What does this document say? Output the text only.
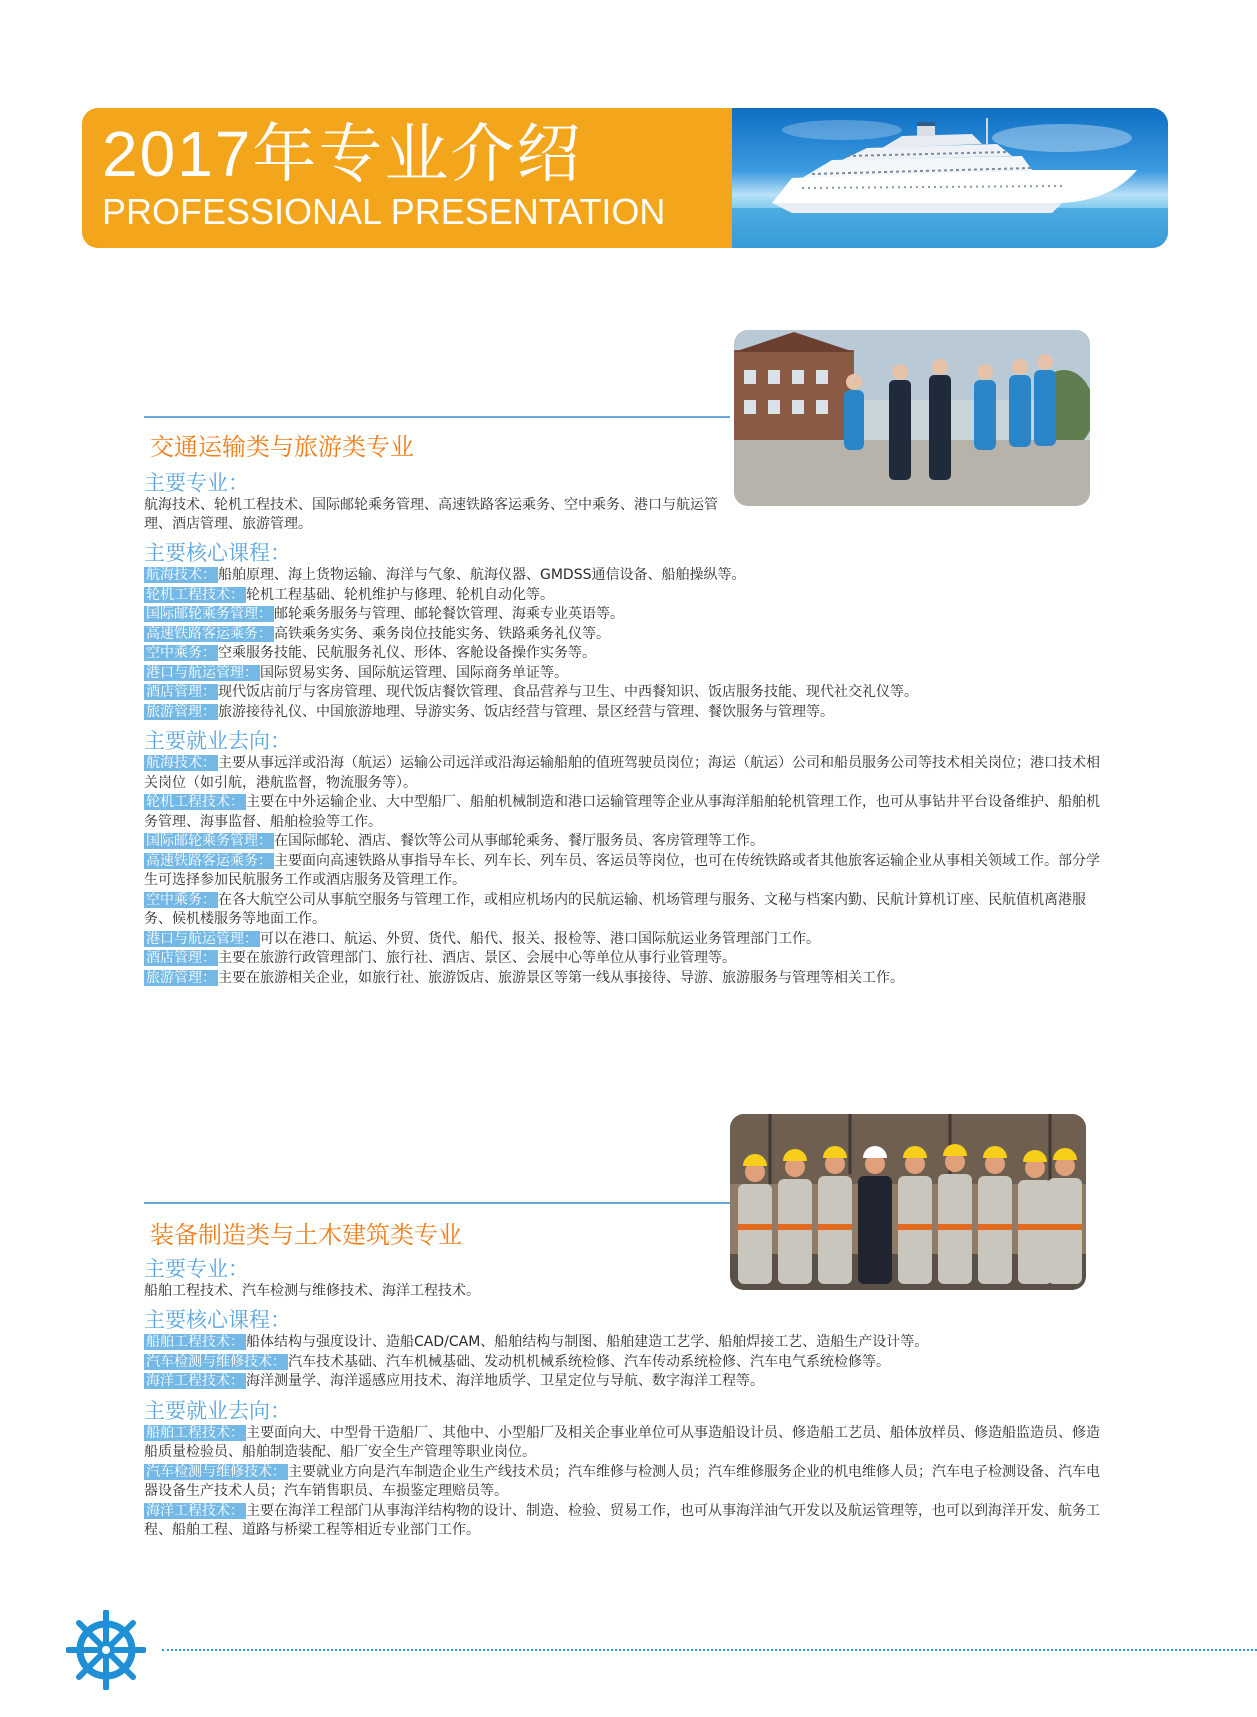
2017年专业介绍
PROFESSIONAL PRESENTATION
交通运输类与旅游类专业
主要专业：
航海技术、轮机工程技术、国际邮轮乘务管理、高速铁路客运乘务、空中乘务、港口与航运管理、酒店管理、旅游管理。
主要核心课程：
航海技术： 船舶原理、海上货物运输、海洋与气象、航海仪器、GMDSS通信设备、船舶操纵等。
轮机工程技术： 轮机工程基础、轮机维护与修理、轮机自动化等。
国际邮轮乘务管理： 邮轮乘务服务与管理、邮轮餐饮管理、海乘专业英语等。
高速铁路客运乘务： 高铁乘务实务、乘务岗位技能实务、铁路乘务礼仪等。
空中乘务： 空乘服务技能、民航服务礼仪、形体、客舱设备操作实务等。
港口与航运管理： 国际贸易实务、国际航运管理、国际商务单证等。
酒店管理： 现代饭店前厅与客房管理、现代饭店餐饮管理、食品营养与卫生、中西餐知识、饭店服务技能、现代社交礼仪等。
旅游管理： 旅游接待礼仪、中国旅游地理、导游实务、饭店经营与管理、景区经营与管理、餐饮服务与管理等。
主要就业去向：
航海技术： 主要从事远洋或沿海（航运）运输公司远洋或沿海运输船舶的值班驾驶员岗位；海运（航运）公司和船员服务公司等技术相关岗位；港口技术相关岗位（如引航，港航监督，物流服务等）。
轮机工程技术： 主要在中外运输企业、大中型船厂、船舶机械制造和港口运输管理等企业从事海洋船舶轮机管理工作，也可从事钻井平台设备维护、船舶机务管理、海事监督、船舶检验等工作。
国际邮轮乘务管理： 在国际邮轮、酒店、餐饮等公司从事邮轮乘务、餐厅服务员、客房管理等工作。
高速铁路客运乘务： 主要面向高速铁路从事指导车长、列车长、列车员、客运员等岗位，也可在传统铁路或者其他旅客运输企业从事相关领域工作。部分学生可选择参加民航服务工作或酒店服务及管理工作。
空中乘务： 在各大航空公司从事航空服务与管理工作，或相应机场内的民航运输、机场管理与服务、文秘与档案内勤、民航计算机订座、民航值机离港服务、候机楼服务等地面工作。
港口与航运管理： 可以在港口、航运、外贸、货代、船代、报关、报检等、港口国际航运业务管理部门工作。
酒店管理： 主要在旅游行政管理部门、旅行社、酒店、景区、会展中心等单位从事行业管理等。
旅游管理： 主要在旅游相关企业，如旅行社、旅游饭店、旅游景区等第一线从事接待、导游、旅游服务与管理等相关工作。
装备制造类与土木建筑类专业
主要专业：
船舶工程技术、汽车检测与维修技术、海洋工程技术。
主要核心课程：
船舶工程技术： 船体结构与强度设计、造船CAD/CAM、船舶结构与制图、船舶建造工艺学、船舶焊接工艺、造船生产设计等。
汽车检测与维修技术： 汽车技术基础、汽车机械基础、发动机机械系统检修、汽车传动系统检修、汽车电气系统检修等。
海洋工程技术： 海洋测量学、海洋遥感应用技术、海洋地质学、卫星定位与导航、数字海洋工程等。
主要就业去向：
船舶工程技术： 主要面向大、中型骨干造船厂、其他中、小型船厂及相关企事业单位可从事造船设计员、修造船工艺员、船体放样员、修造船监造员、修造船质量检验员、船舶制造装配、船厂安全生产管理等职业岗位。
汽车检测与维修技术： 主要就业方向是汽车制造企业生产线技术员；汽车维修与检测人员；汽车维修服务企业的机电维修人员；汽车电子检测设备、汽车电器设备生产技术人员；汽车销售职员、车损鉴定理赔员等。
海洋工程技术： 主要在海洋工程部门从事海洋结构物的设计、制造、检验、贸易工作，也可从事海洋油气开发以及航运管理等，也可以到海洋开发、航务工程、船舶工程、道路与桥梁工程等相近专业部门工作。
